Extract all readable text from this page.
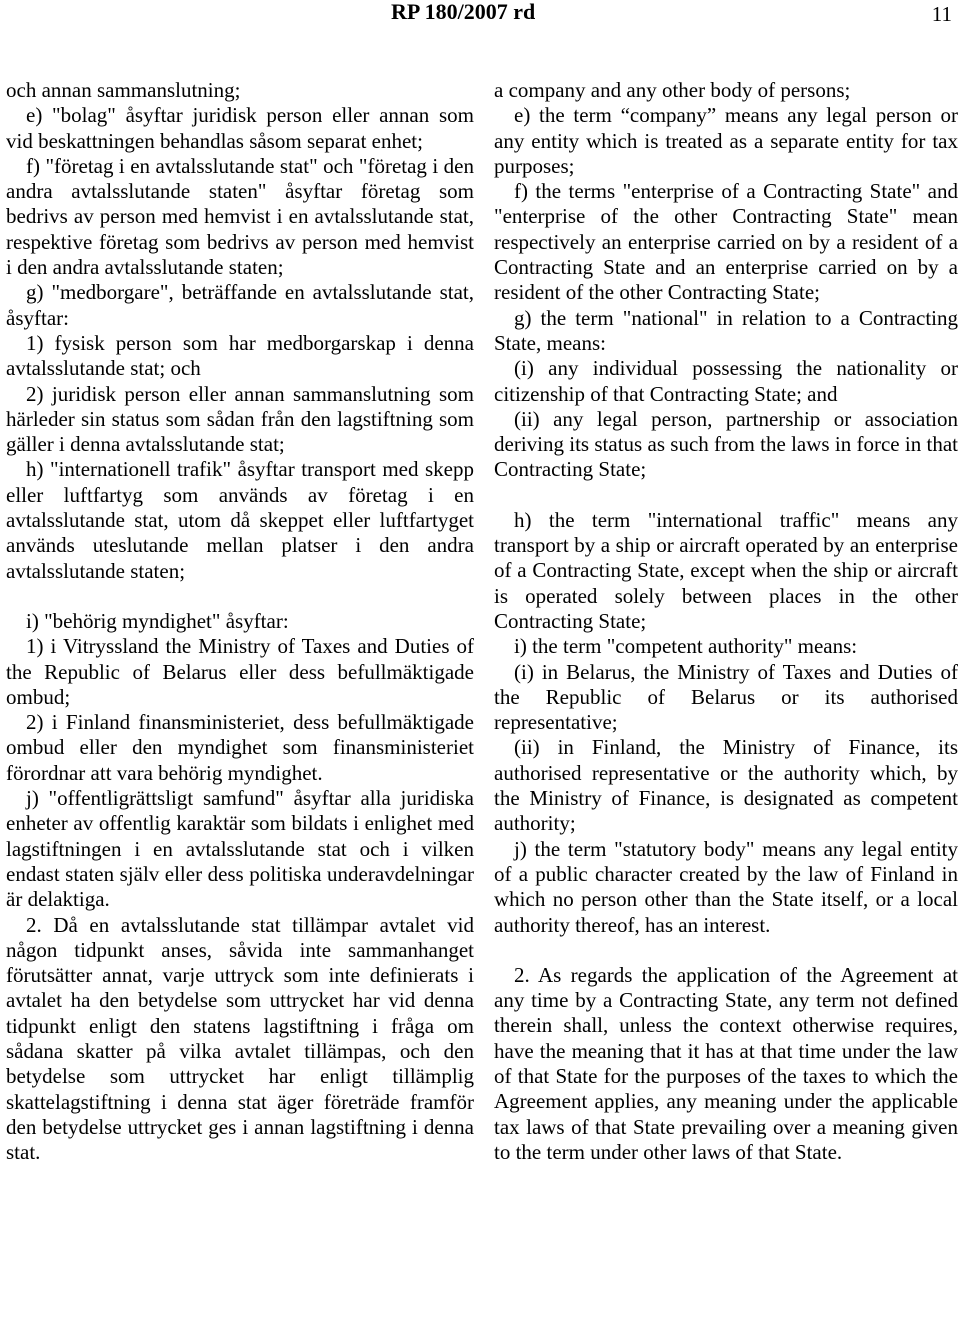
RP 180/2007 rd	11

och annan sammanslutning;

e) "bolag" åsyftar juridisk person eller annan som vid beskattningen behandlas såsom separat enhet;

f) "företag i en avtalsslutande stat" och "företag i den andra avtalsslutande staten" åsyftar företag som bedrivs av person med hemvist i en avtalsslutande stat, respektive företag som bedrivs av person med hemvist i den andra avtalsslutande staten;

g) "medborgare", beträffande en avtalsslutande stat, åsyftar:

1) fysisk person som har medborgarskap i denna avtalsslutande stat; och

2) juridisk person eller annan sammanslutning som härleder sin status som sådan från den lagstiftning som gäller i denna avtalsslutande stat;

h) "internationell trafik" åsyftar transport med skepp eller luftfartyg som används av företag i en avtalsslutande stat, utom då skeppet eller luftfartyget används uteslutande mellan platser i den andra avtalsslutande staten;

i) "behörig myndighet" åsyftar:

1) i Vitryssland the Ministry of Taxes and Duties of the Republic of Belarus eller dess befullmäktigade ombud;

2) i Finland finansministeriet, dess befullmäktigade ombud eller den myndighet som finansministeriet förordnar att vara behörig myndighet.

j) "offentligrättsligt samfund" åsyftar alla juridiska enheter av offentlig karaktär som bildats i enlighet med lagstiftningen i en avtalsslutande stat och i vilken endast staten själv eller dess politiska underavdelningar är delaktiga.

2. Då en avtalsslutande stat tillämpar avtalet vid någon tidpunkt anses, såvida inte sammanhanget förutsätter annat, varje uttryck som inte definierats i avtalet ha den betydelse som uttrycket har vid denna tidpunkt enligt den statens lagstiftning i fråga om sådana skatter på vilka avtalet tillämpas, och den betydelse som uttrycket har enligt tillämplig skattelagstiftning i denna stat äger företräde framför den betydelse uttrycket ges i annan lagstiftning i denna stat.

a company and any other body of persons;

e) the term “company” means any legal person or any entity which is treated as a separate entity for tax purposes;

f) the terms "enterprise of a Contracting State" and "enterprise of the other Contracting State" mean respectively an enterprise carried on by a resident of a Contracting State and an enterprise carried on by a resident of the other Contracting State;

g) the term "national" in relation to a Contracting State, means:

(i) any individual possessing the nationality or citizenship of that Contracting State; and

(ii) any legal person, partnership or association deriving its status as such from the laws in force in that Contracting State;

h) the term "international traffic" means any transport by a ship or aircraft operated by an enterprise of a Contracting State, except when the ship or aircraft is operated solely between places in the other Contracting State;

i) the term "competent authority" means:

(i) in Belarus, the Ministry of Taxes and Duties of the Republic of Belarus or its authorised representative;

(ii) in Finland, the Ministry of Finance, its authorised representative or the authority which, by the Ministry of Finance, is designated as competent authority;

j) the term "statutory body" means any legal entity of a public character created by the law of Finland in which no person other than the State itself, or a local authority thereof, has an interest.

2. As regards the application of the Agreement at any time by a Contracting State, any term not defined therein shall, unless the context otherwise requires, have the meaning that it has at that time under the law of that State for the purposes of the taxes to which the Agreement applies, any meaning under the applicable tax laws of that State prevailing over a meaning given to the term under other laws of that State.
